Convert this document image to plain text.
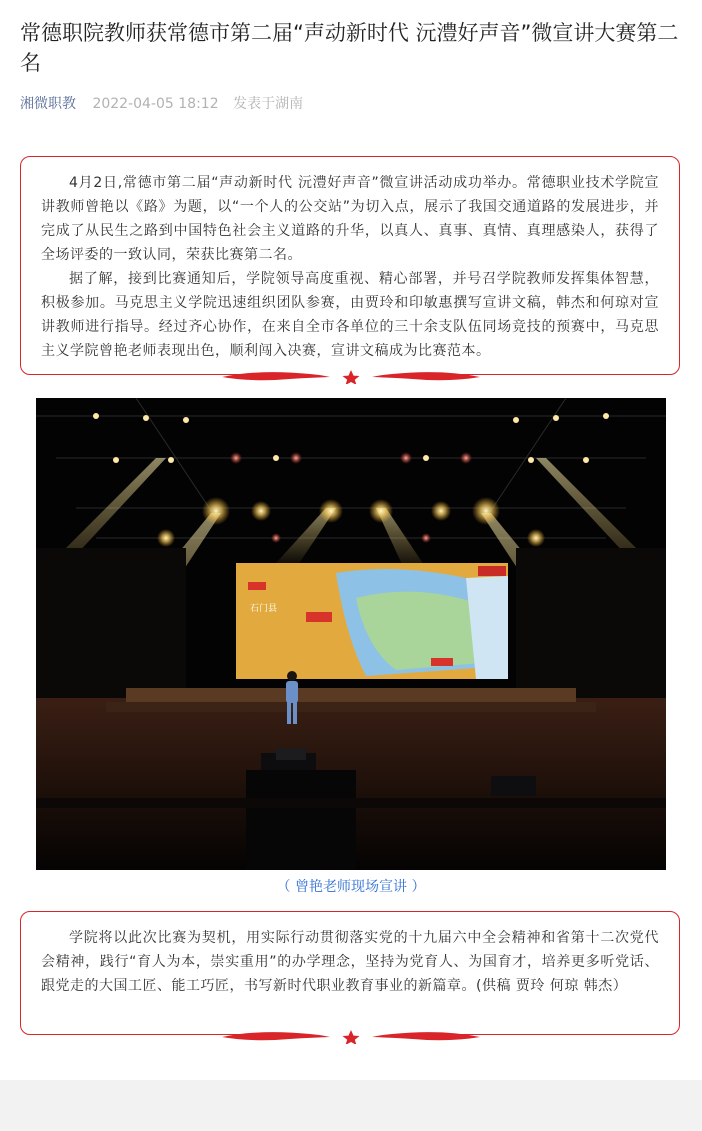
常德职院教师获常德市第二届“声动新时代 沅澧好声音”微宣讲大赛第二名
湘微职教 2022-04-05 18:12 发表于湖南

4月2日,常德市第二届“声动新时代 沅澧好声音”微宣讲活动成功举办。常德职业技术学院宣讲教师曾艳以《路》为题，以“一个人的公交站”为切入点，展示了我国交通道路的发展进步，并完成了从民生之路到中国特色社会主义道路的升华，以真人、真事、真情、真理感染人，获得了全场评委的一致认同，荣获比赛第二名。

据了解，接到比赛通知后，学院领导高度重视、精心部署，并号召学院教师发挥集体智慧，积极参加。马克思主义学院迅速组织团队参赛，由贾玲和印敏惠撰写宣讲文稿，韩杰和何琼对宣讲教师进行指导。经过齐心协作，在来自全市各单位的三十余支队伍同场竞技的预赛中，马克思主义学院曾艳老师表现出色，顺利闯入决赛，宣讲文稿成为比赛范本。

石门县
（ 曾艳老师现场宣讲 ）

学院将以此次比赛为契机，用实际行动贯彻落实党的十九届六中全会精神和省第十二次党代会精神，践行“育人为本，崇实重用”的办学理念，坚持为党育人、为国育才，培养更多听党话、跟党走的大国工匠、能工巧匠，书写新时代职业教育事业的新篇章。(供稿 贾玲 何琼 韩杰）
